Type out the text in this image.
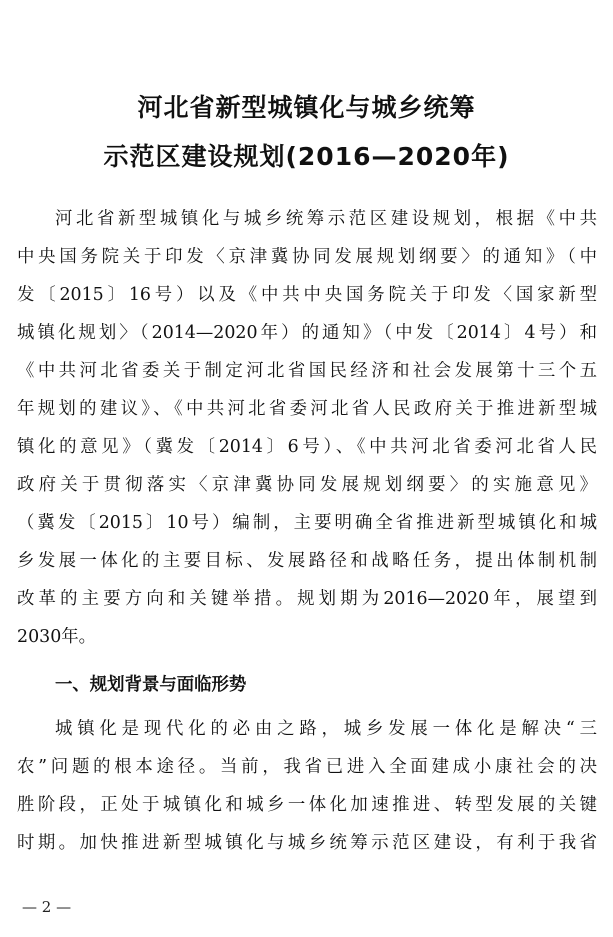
河北省新型城镇化与城乡统筹
示范区建设规划(2016—2020年)
河北省新型城镇化与城乡统筹示范区建设规划，根据《中共
中央国务院关于印发〈京津冀协同发展规划纲要〉的通知》（中
发〔2015〕16号）以及《中共中央国务院关于印发〈国家新型
城镇化规划〉（2014—2020年）的通知》（中发〔2014〕4号）和
《中共河北省委关于制定河北省国民经济和社会发展第十三个五
年规划的建议》、《中共河北省委河北省人民政府关于推进新型城
镇化的意见》（冀发〔2014〕6号）、《中共河北省委河北省人民
政府关于贯彻落实〈京津冀协同发展规划纲要〉的实施意见》
（冀发〔2015〕10号）编制，主要明确全省推进新型城镇化和城
乡发展一体化的主要目标、发展路径和战略任务，提出体制机制
改革的主要方向和关键举措。规划期为2016—2020年，展望到
2030年。
一、规划背景与面临形势
城镇化是现代化的必由之路，城乡发展一体化是解决“三
农”问题的根本途径。当前，我省已进入全面建成小康社会的决
胜阶段，正处于城镇化和城乡一体化加速推进、转型发展的关键
时期。加快推进新型城镇化与城乡统筹示范区建设，有利于我省
— 2 —
